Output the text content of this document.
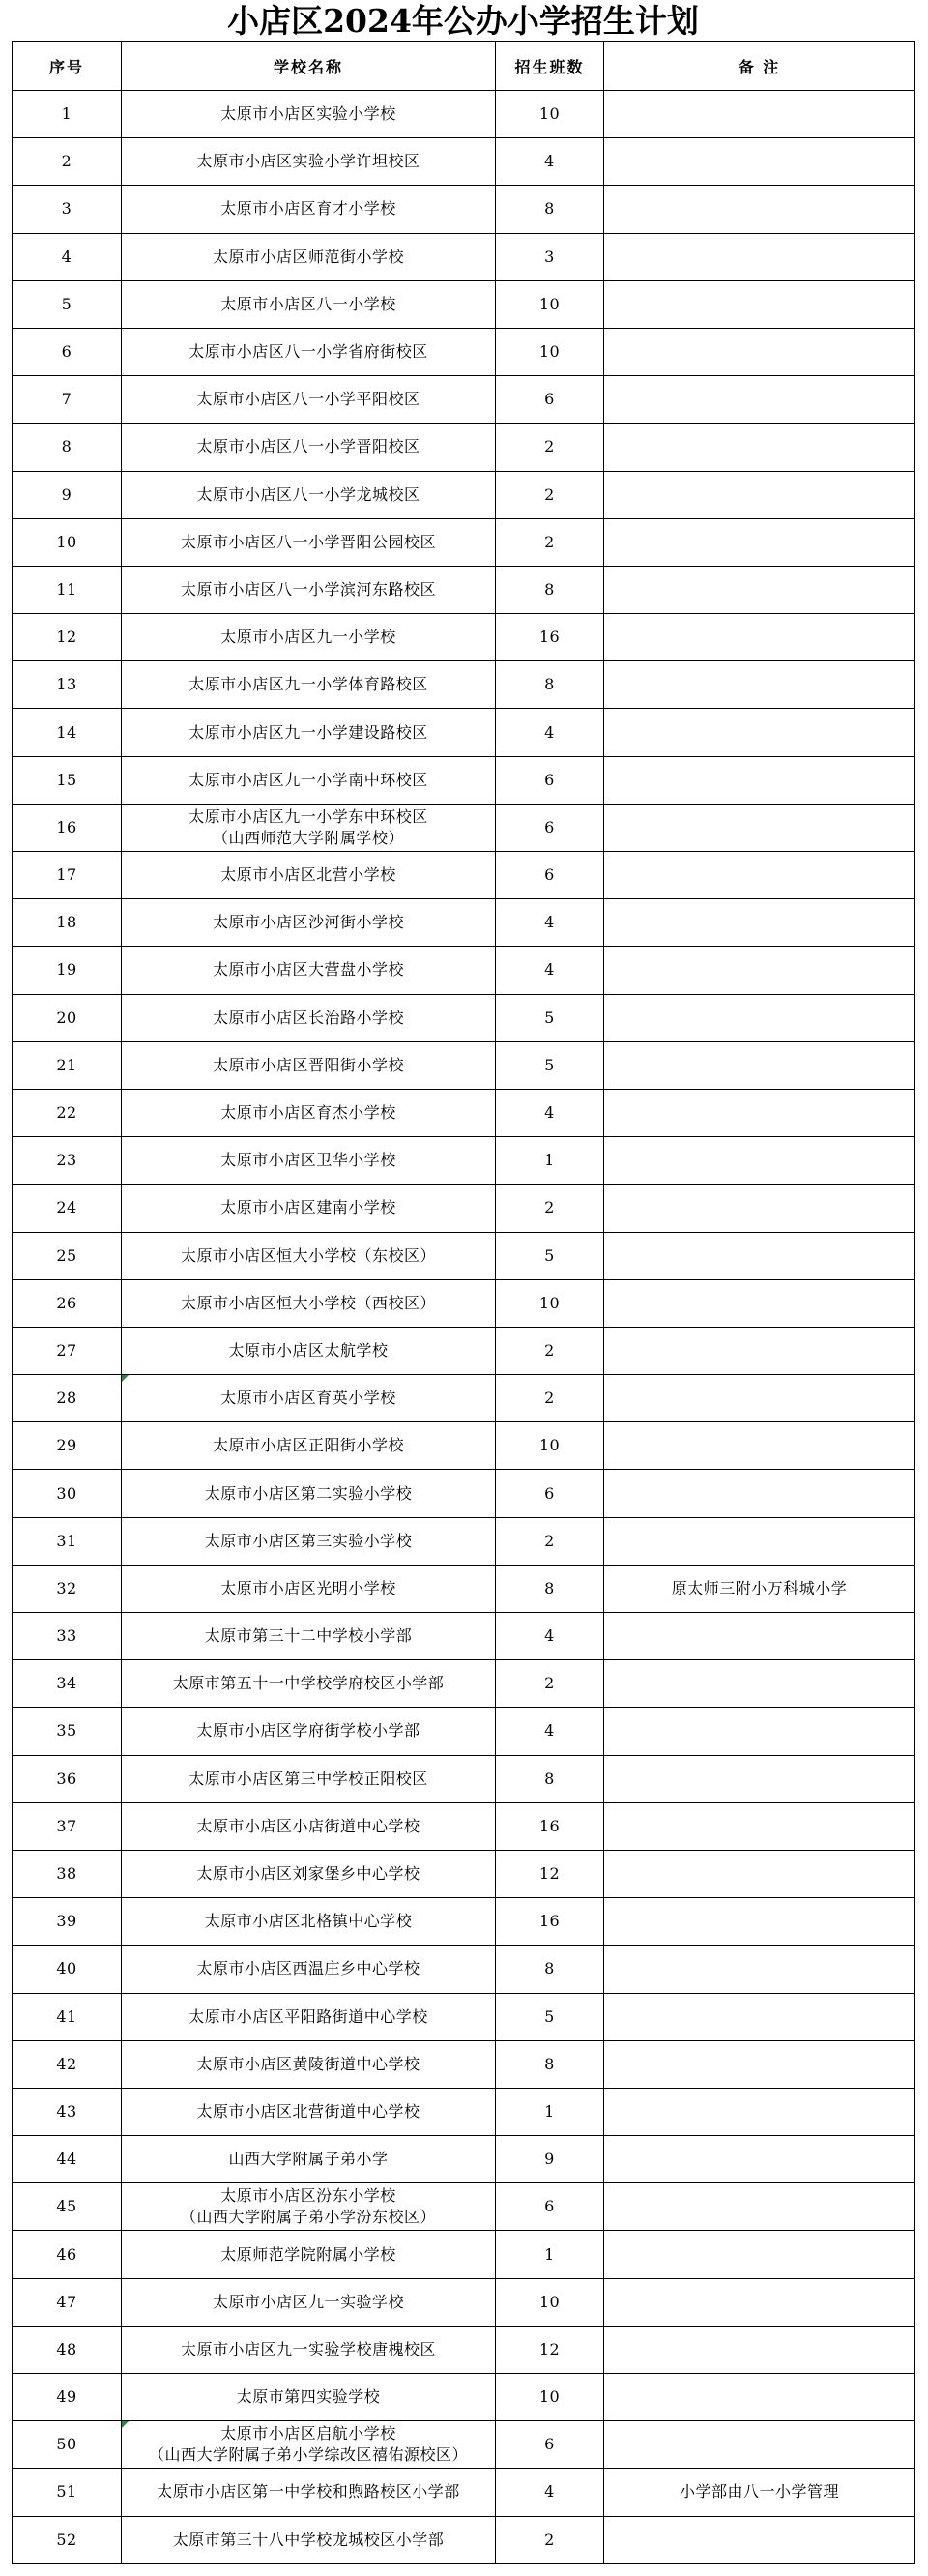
小店区2024年公办小学招生计划
序号	学校名称	招生班数	备 注
1	太原市小店区实验小学校	10	
2	太原市小店区实验小学许坦校区	4	
3	太原市小店区育才小学校	8	
4	太原市小店区师范街小学校	3	
5	太原市小店区八一小学校	10	
6	太原市小店区八一小学省府街校区	10	
7	太原市小店区八一小学平阳校区	6	
8	太原市小店区八一小学晋阳校区	2	
9	太原市小店区八一小学龙城校区	2	
10	太原市小店区八一小学晋阳公园校区	2	
11	太原市小店区八一小学滨河东路校区	8	
12	太原市小店区九一小学校	16	
13	太原市小店区九一小学体育路校区	8	
14	太原市小店区九一小学建设路校区	4	
15	太原市小店区九一小学南中环校区	6	
16	太原市小店区九一小学东中环校区
（山西师范大学附属学校）	6	
17	太原市小店区北营小学校	6	
18	太原市小店区沙河街小学校	4	
19	太原市小店区大营盘小学校	4	
20	太原市小店区长治路小学校	5	
21	太原市小店区晋阳街小学校	5	
22	太原市小店区育杰小学校	4	
23	太原市小店区卫华小学校	1	
24	太原市小店区建南小学校	2	
25	太原市小店区恒大小学校（东校区）	5	
26	太原市小店区恒大小学校（西校区）	10	
27	太原市小店区太航学校	2	
28	太原市小店区育英小学校	2	
29	太原市小店区正阳街小学校	10	
30	太原市小店区第二实验小学校	6	
31	太原市小店区第三实验小学校	2	
32	太原市小店区光明小学校	8	原太师三附小万科城小学
33	太原市第三十二中学校小学部	4	
34	太原市第五十一中学校学府校区小学部	2	
35	太原市小店区学府街学校小学部	4	
36	太原市小店区第三中学校正阳校区	8	
37	太原市小店区小店街道中心学校	16	
38	太原市小店区刘家堡乡中心学校	12	
39	太原市小店区北格镇中心学校	16	
40	太原市小店区西温庄乡中心学校	8	
41	太原市小店区平阳路街道中心学校	5	
42	太原市小店区黄陵街道中心学校	8	
43	太原市小店区北营街道中心学校	1	
44	山西大学附属子弟小学	9	
45	太原市小店区汾东小学校
（山西大学附属子弟小学汾东校区）	6	
46	太原师范学院附属小学校	1	
47	太原市小店区九一实验学校	10	
48	太原市小店区九一实验学校唐槐校区	12	
49	太原市第四实验学校	10	
50	太原市小店区启航小学校
（山西大学附属子弟小学综改区禧佑源校区）	6	
51	太原市小店区第一中学校和煦路校区小学部	4	小学部由八一小学管理
52	太原市第三十八中学校龙城校区小学部	2	
